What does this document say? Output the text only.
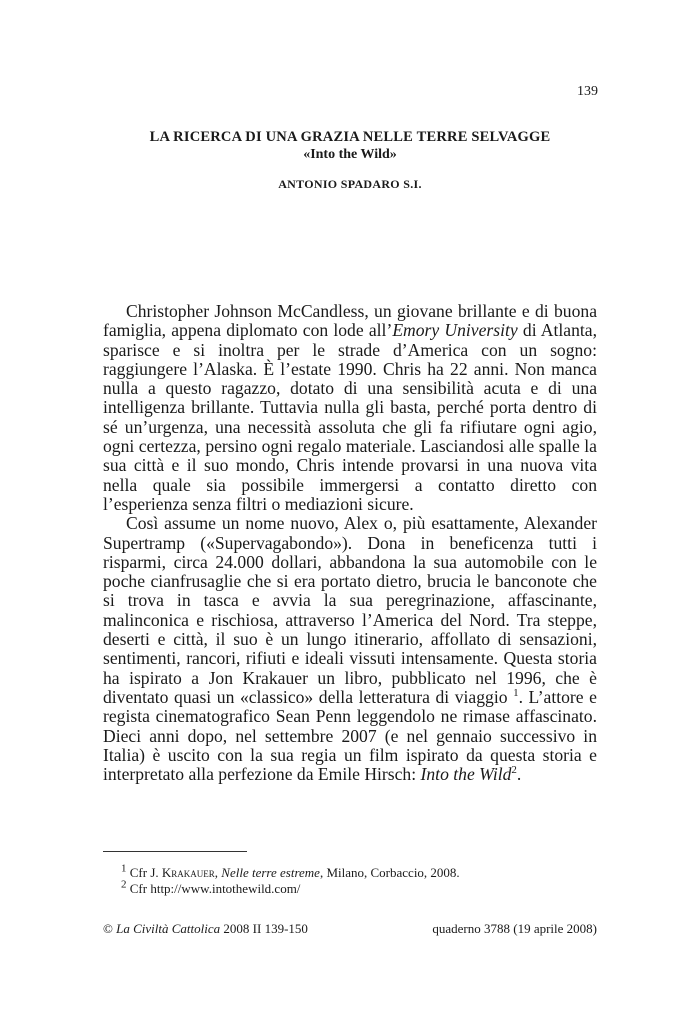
139

LA RICERCA DI UNA GRAZIA NELLE TERRE SELVAGGE

«Into the Wild»

ANTONIO SPADARO S.I.

Christopher Johnson McCandless, un giovane brillante e di buona famiglia, appena diplomato con lode all’Emory University di Atlanta, sparisce e si inoltra per le strade d’America con un sogno: raggiungere l’Alaska. È l’estate 1990. Chris ha 22 anni. Non manca nulla a questo ragazzo, dotato di una sensibilità acuta e di una intelligenza brillante. Tuttavia nulla gli basta, perché porta dentro di sé un’urgenza, una necessità assoluta che gli fa rifiutare ogni agio, ogni certezza, persino ogni regalo materiale. Lasciandosi alle spalle la sua città e il suo mondo, Chris intende provarsi in una nuova vita nella quale sia possibile immergersi a contatto diretto con l’esperienza senza filtri o mediazioni sicure.

Così assume un nome nuovo, Alex o, più esattamente, Alexander Supertramp («Supervagabondo»). Dona in beneficenza tutti i risparmi, circa 24.000 dollari, abbandona la sua automobile con le poche cianfrusaglie che si era portato dietro, brucia le banconote che si trova in tasca e avvia la sua peregrinazione, affascinante, malinconica e rischiosa, attraverso l’America del Nord. Tra steppe, deserti e città, il suo è un lungo itinerario, affollato di sensazioni, sentimenti, rancori, rifiuti e ideali vissuti intensamente. Questa storia ha ispirato a Jon Krakauer un libro, pubblicato nel 1996, che è diventato quasi un «classico» della letteratura di viaggio $^1$. L’attore e regista cinematografico Sean Penn leggendolo ne rimase affascinato. Dieci anni dopo, nel settembre 2007 (e nel gennaio successivo in Italia) è uscito con la sua regia un film ispirato da questa storia e interpretato alla perfezione da Emile Hirsch: Into the Wild$^2$.

$^1$ Cfr J. Krakauer, Nelle terre estreme, Milano, Corbaccio, 2008.
$^2$ Cfr http://www.intothewild.com/
© La Civiltà Cattolica 2008 II 139-150	quaderno 3788 (19 aprile 2008)
